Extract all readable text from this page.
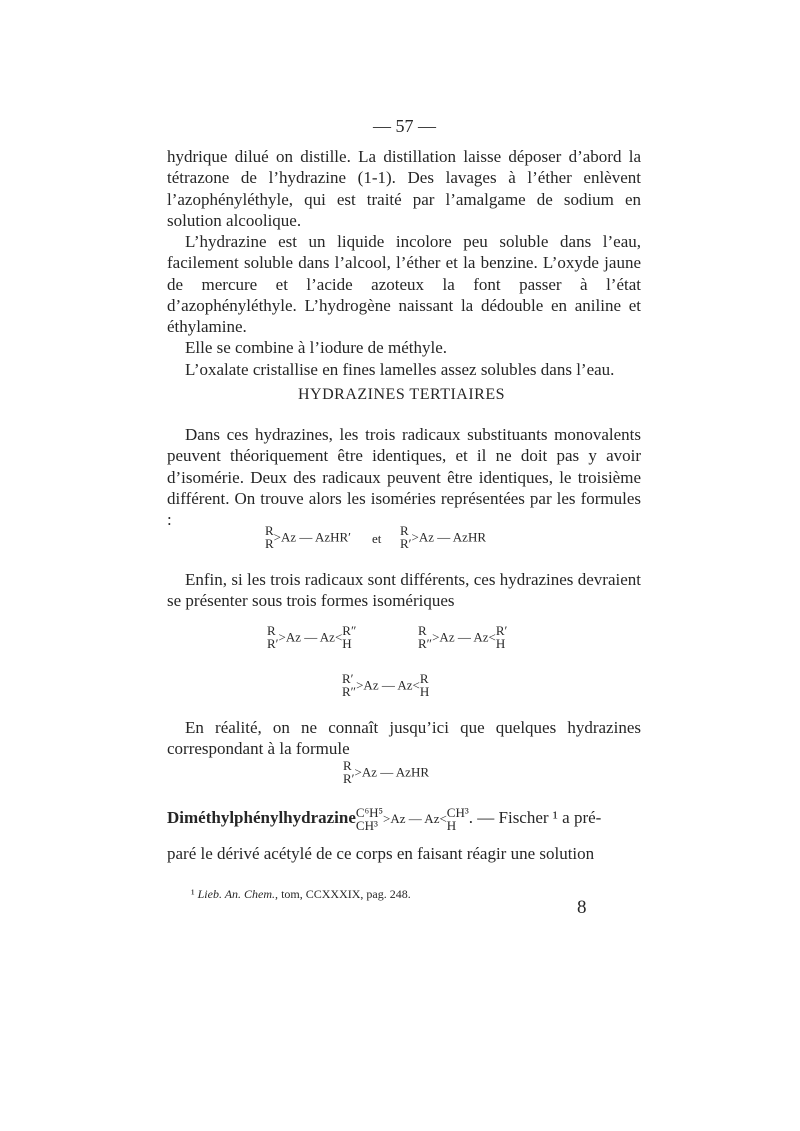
— 57 —

hydrique dilué on distille. La distillation laisse déposer d’abord la tétrazone de l’hydrazine (1-1). Des lavages à l’éther enlèvent l’azophényléthyle, qui est traité par l’amalgame de sodium en solution alcoolique.

L’hydrazine est un liquide incolore peu soluble dans l’eau, facilement soluble dans l’alcool, l’éther et la benzine. L’oxyde jaune de mercure et l’acide azoteux la font passer à l’état d’azophényléthyle. L’hydrogène naissant la dédouble en aniline et éthylamine.

Elle se combine à l’iodure de méthyle.

L’oxalate cristallise en fines lamelles assez solubles dans l’eau.

HYDRAZINES TERTIAIRES

Dans ces hydrazines, les trois radicaux substituants monovalents peuvent théoriquement être identiques, et il ne doit pas y avoir d’isomérie. Deux des radicaux peuvent être identiques, le troisième différent. On trouve alors les isoméries représentées par les formules :

R
R >Az — AzHR′ et
R
R′ >Az — AzHR

Enfin, si les trois radicaux sont différents, ces hydrazines devraient se présenter sous trois formes isomériques

R
R′ >Az — Az< R″
H
R
R″ >Az — Az< R′
H
R′
R″ >Az — Az< R
H

En réalité, on ne connaît jusqu’ici que quelques hydrazines correspondant à la formule

R
R′ >Az — AzHR
Diméthylphénylhydrazine C⁶H⁵
CH³ >Az — Az< CH³
H . — Fischer ¹ a pré-

paré le dérivé acétylé de ce corps en faisant réagir une solution

¹ Lieb. An. Chem., tom, CCXXXIX, pag. 248.
8
